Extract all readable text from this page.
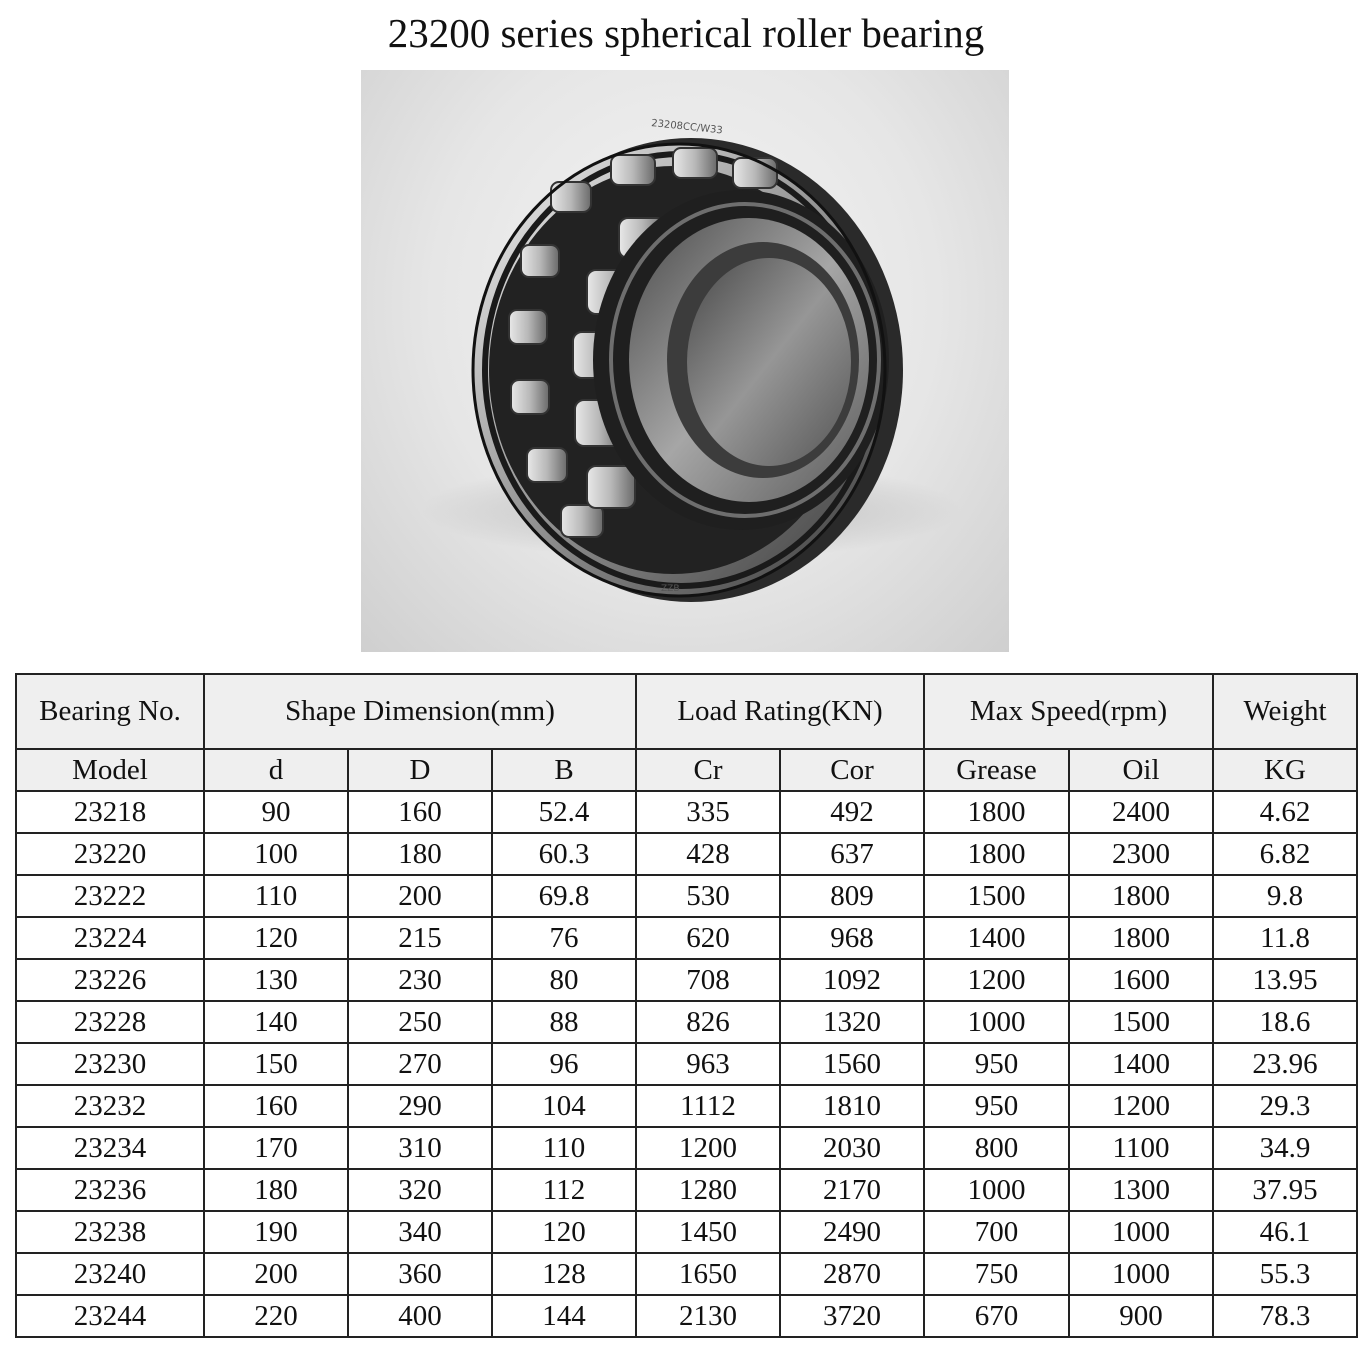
23200 series spherical roller bearing
23208CC/W33
ZZB
Bearing No.	Shape Dimension(mm)			Load Rating(KN)		Max Speed(rpm)		Weight
Model	d	D	B	Cr	Cor	Grease	Oil	KG
23218	90	160	52.4	335	492	1800	2400	4.62
23220	100	180	60.3	428	637	1800	2300	6.82
23222	110	200	69.8	530	809	1500	1800	9.8
23224	120	215	76	620	968	1400	1800	11.8
23226	130	230	80	708	1092	1200	1600	13.95
23228	140	250	88	826	1320	1000	1500	18.6
23230	150	270	96	963	1560	950	1400	23.96
23232	160	290	104	1112	1810	950	1200	29.3
23234	170	310	110	1200	2030	800	1100	34.9
23236	180	320	112	1280	2170	1000	1300	37.95
23238	190	340	120	1450	2490	700	1000	46.1
23240	200	360	128	1650	2870	750	1000	55.3
23244	220	400	144	2130	3720	670	900	78.3
